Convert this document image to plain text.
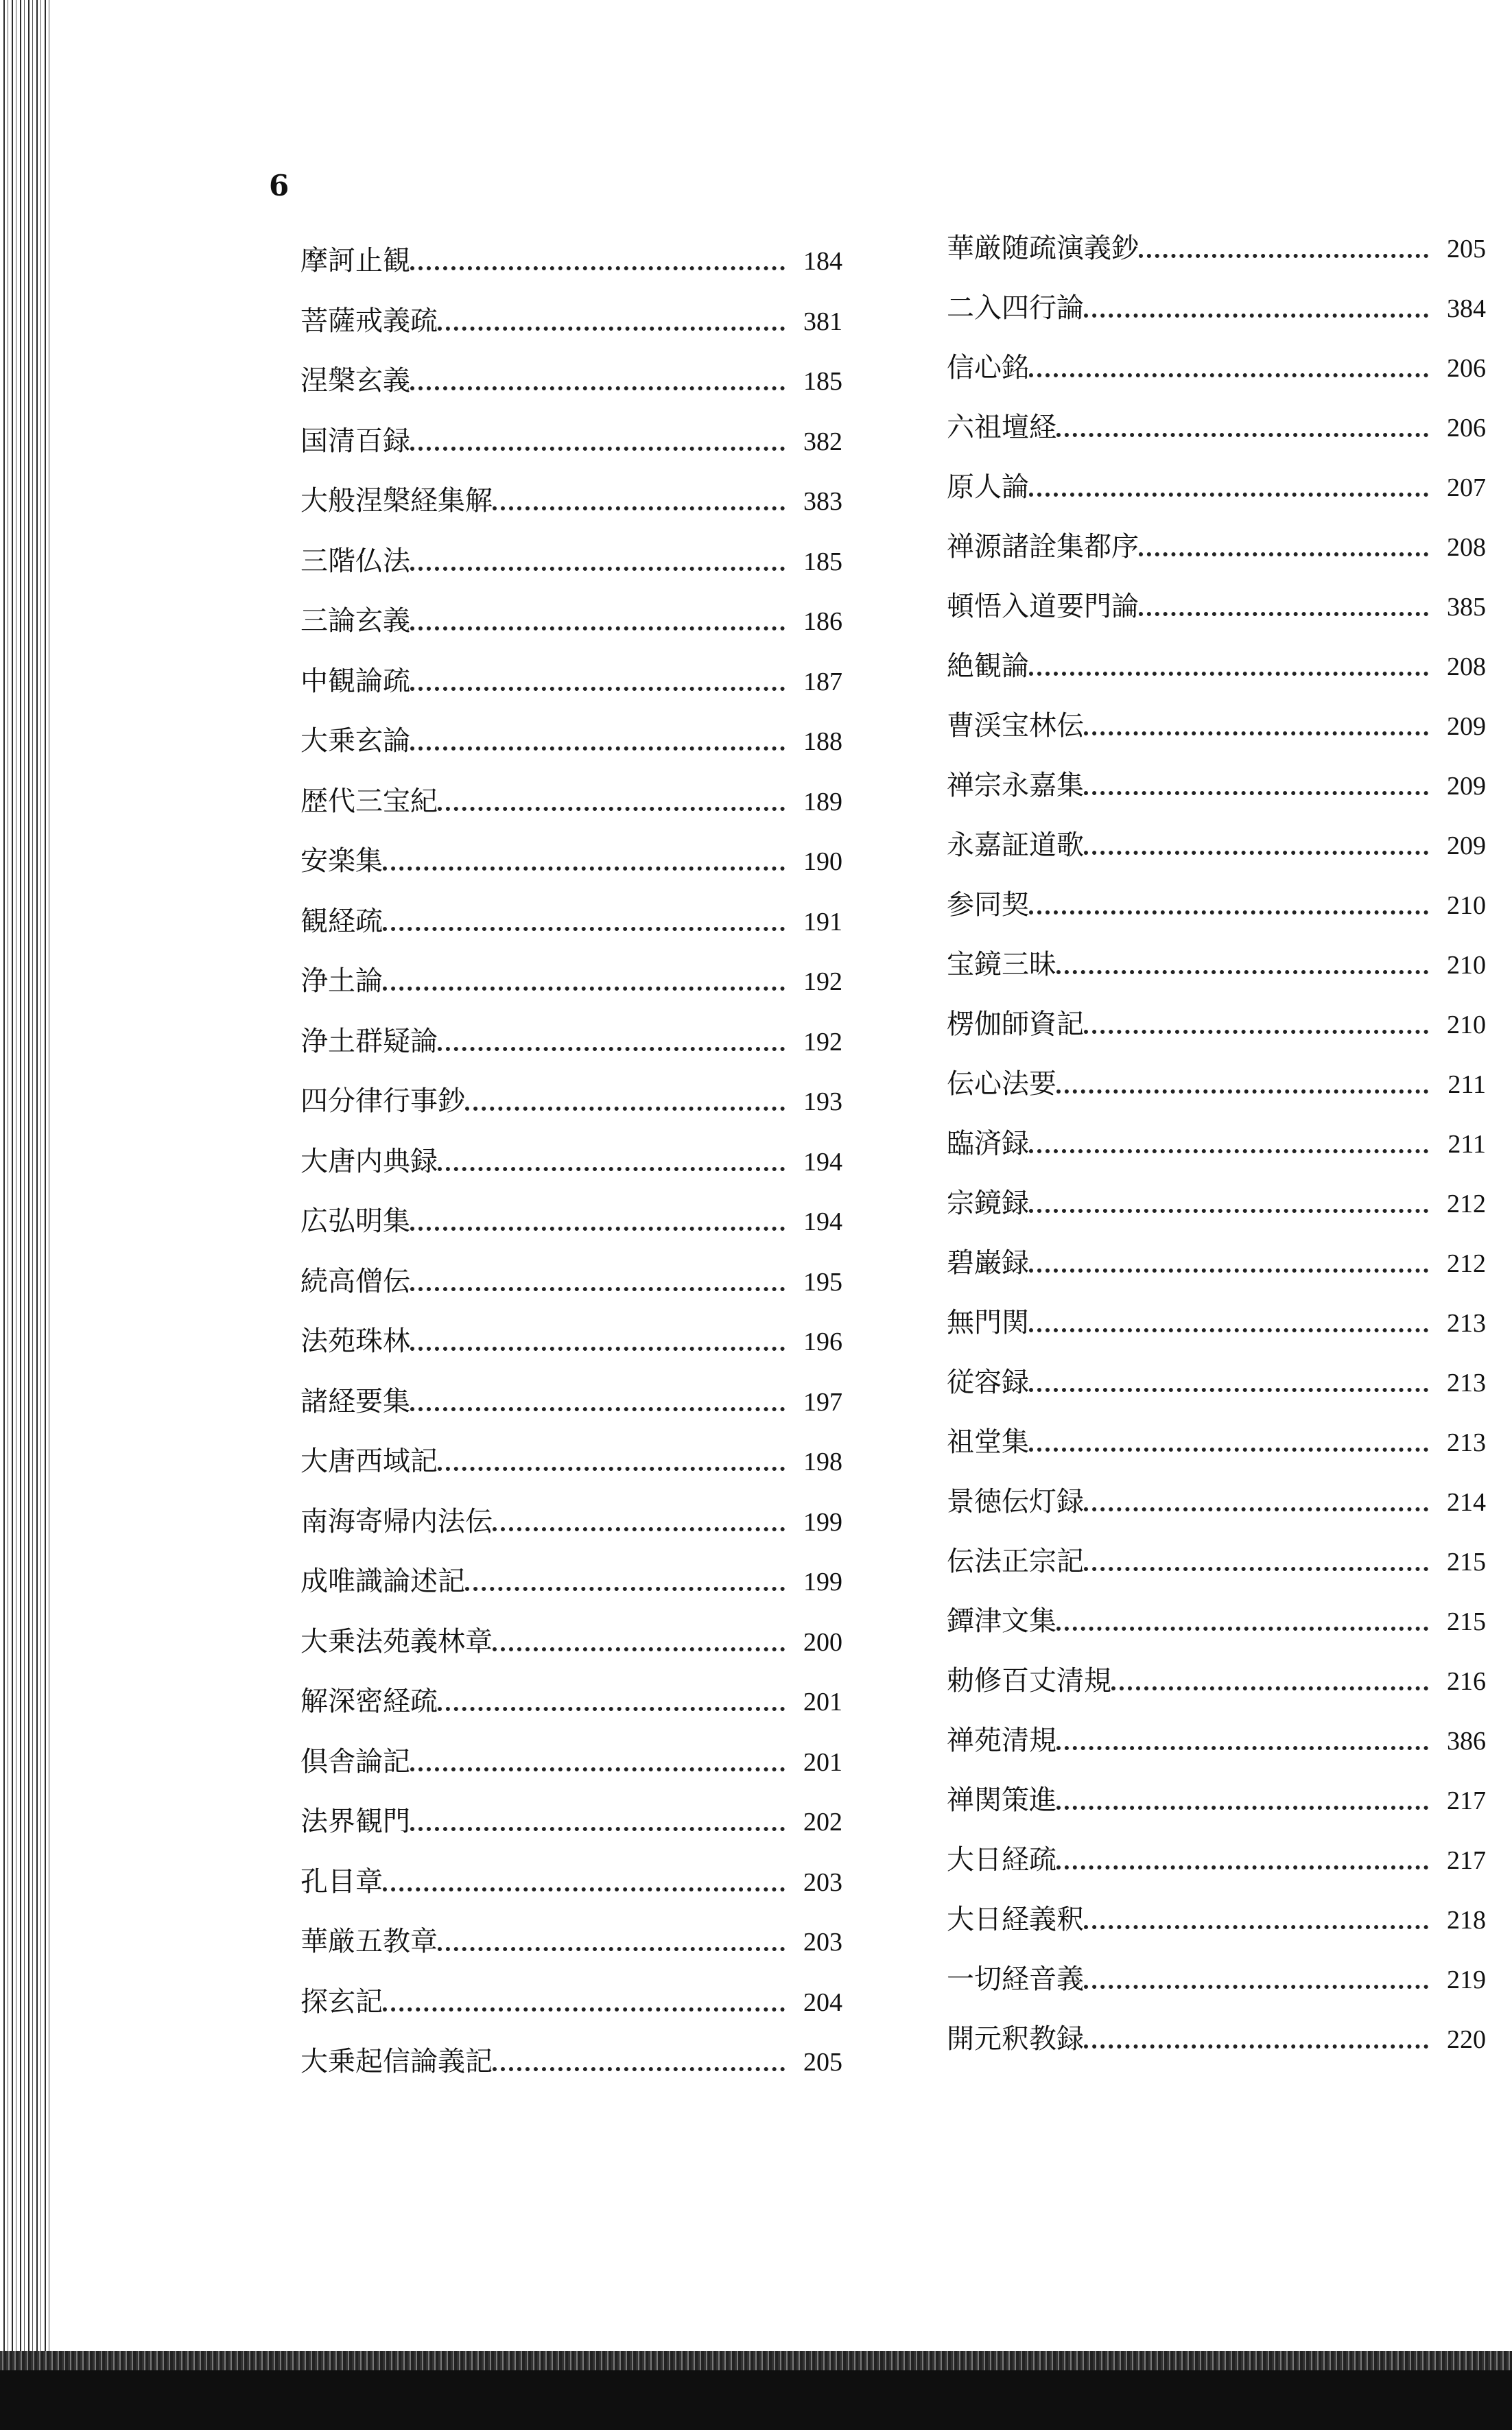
6
摩訶止観	184
菩薩戒義疏	381
涅槃玄義	185
国清百録	382
大般涅槃経集解	383
三階仏法	185
三論玄義	186
中観論疏	187
大乗玄論	188
歴代三宝紀	189
安楽集	190
観経疏	191
浄土論	192
浄土群疑論	192
四分律行事鈔	193
大唐内典録	194
広弘明集	194
続高僧伝	195
法苑珠林	196
諸経要集	197
大唐西域記	198
南海寄帰内法伝	199
成唯識論述記	199
大乗法苑義林章	200
解深密経疏	201
倶舎論記	201
法界観門	202
孔目章	203
華厳五教章	203
探玄記	204
大乗起信論義記	205
華厳随疏演義鈔	205
二入四行論	384
信心銘	206
六祖壇経	206
原人論	207
禅源諸詮集都序	208
頓悟入道要門論	385
絶観論	208
曹渓宝林伝	209
禅宗永嘉集	209
永嘉証道歌	209
参同契	210
宝鏡三昧	210
楞伽師資記	210
伝心法要	211
臨済録	211
宗鏡録	212
碧巌録	212
無門関	213
従容録	213
祖堂集	213
景徳伝灯録	214
伝法正宗記	215
鐔津文集	215
勅修百丈清規	216
禅苑清規	386
禅関策進	217
大日経疏	217
大日経義釈	218
一切経音義	219
開元釈教録	220
